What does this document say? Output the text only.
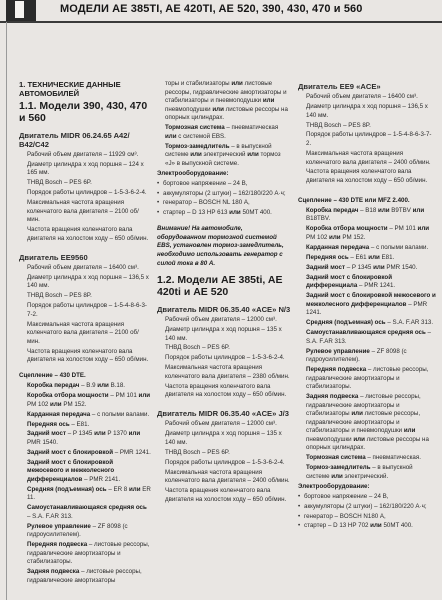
МОДЕЛИ AE 385TI, AE 420TI, AE 520, 390, 430, 470 и 560
1. ТЕХНИЧЕСКИЕ ДАННЫЕ АВТОМОБИЛЕЙ
1.1. Модели 390, 430, 470 и 560
Двигатель MIDR 06.24.65 A42/ B42/C42

Рабочий объем двигателя – 11929 см³.

Диаметр цилиндра x ход поршня – 124 x 165 мм.

ТНВД Bosch – PES 6P.

Порядок работы цилиндров – 1-5-3-6-2-4.

Максимальная частота вращения коленчатого вала двигателя – 2100 об/мин.

Частота вращения коленчатого вала двигателя на холостом ходу – 650 об/мин.

Двигатель EE9560

Рабочий объем двигателя – 16400 см³.

Диаметр цилиндра x ход поршня – 136,5 x 140 мм.

ТНВД Bosch – PES 8P.

Порядок работы цилиндров – 1-5-4-8-6-3-7-2.

Максимальная частота вращения коленчатого вала двигателя – 2100 об/мин.

Частота вращения коленчатого вала двигателя на холостом ходу – 650 об/мин.

Сцепление – 430 DTE.

Коробка передач – B.9 или B.18.

Коробка отбора мощности – PM 101 или PM 102 или PM 152.

Карданная передача – с полыми валами.

Передняя ось – E81.

Задний мост – P 1345 или P 1370 или PMR 1540.

Задний мост с блокировкой – PMR 1241.

Задний мост с блокировкой межосевого и межколесного дифференциалов – PMR 2141.

Средняя (подъемная) ось – ER 8 или ER 11.

Самоустанавливающаяся средняя ось – S.A. F.AR 313.

Рулевое управление – ZF 8098 (с гидроусилителем).

Передняя подвеска – листовые рессоры, гидравлические амортизаторы и стабилизаторы.

Задняя подвеска – листовые рессоры, гидравлические амортизаторы

торы и стабилизаторы или листовые рессоры, гидравлические амортизаторы и стабилизаторы и пневмоподушки или пневмоподушки или листовые рессоры на опорных цилиндрах.

Тормозная система – пневматическая или с системой EBS.

Тормоз-замедлитель – в выпускной системе или электрический или тормоз «J» в выпускной системе.

Электрооборудование:

• бортовое напряжение – 24 В,

• аккумуляторы (2 штуки) – 162/180/220 А·ч;

• генератор – BOSCH NL 180 А,

• стартер – D 13 HP 613 или 50MT 400.

Внимание! На автомобиле, оборудованном тормозной системой EBS, установлен тормоз-замедлитель, необходимо использовать генератор с силой тока в 80 А.

1.2. Модели AE 385ti, AE 420ti и AE 520
Двигатель MIDR 06.35.40 «ACE» N/3

Рабочий объем двигателя – 12000 см³.

Диаметр цилиндра x ход поршня – 135 x 140 мм.

ТНВД Bosch – PES 6P.

Порядок работы цилиндров – 1-5-3-6-2-4.

Максимальная частота вращения коленчатого вала двигателя – 2380 об/мин.

Частота вращения коленчатого вала двигателя на холостом ходу – 650 об/мин.

Двигатель MIDR 06.35.40 «ACE» J/3

Рабочий объем двигателя – 12000 см³.

Диаметр цилиндра x ход поршня – 135 x 140 мм.

ТНВД Bosch – PES 6P.

Порядок работы цилиндров – 1-5-3-6-2-4.

Максимальная частота вращения коленчатого вала двигателя – 2400 об/мин.

Частота вращения коленчатого вала двигателя на холостом ходу – 650 об/мин.

Двигатель EE9 «ACE»

Рабочий объем двигателя – 16400 см³.

Диаметр цилиндра x ход поршня – 136,5 x 140 мм.

ТНВД Bosch – PES 8P.

Порядок работы цилиндров – 1-5-4-8-6-3-7-2.

Максимальная частота вращения коленчатого вала двигателя – 2400 об/мин.

Частота вращения коленчатого вала двигателя на холостом ходу – 650 об/мин.

Сцепление – 430 DTE или MFZ 2.400.

Коробка передач – B18 или B9TBV или B18TBV.

Коробка отбора мощности – PM 101 или PM 102 или PM 152.

Карданная передача – с полыми валами.

Передняя ось – E61 или E81.

Задний мост – P 1345 или PMR 1540.

Задний мост с блокировкой дифференциала – PMR 1241.

Задний мост с блокировкой межосевого и межколесного дифференциалов – PMR 1241.

Средняя (подъемная) ось – S.A. F.AR 313.

Самоустанавливающаяся средняя ось – S.A. F.AR 313.

Рулевое управление – ZF 8098 (с гидроусилителем).

Передняя подвеска – листовые рессоры, гидравлические амортизаторы и стабилизаторы.

Задняя подвеска – листовые рессоры, гидравлические амортизаторы и стабилизаторы или листовые рессоры, гидравлические амортизаторы и стабилизаторы и пневмоподушки или пневмоподушки или листовые рессоры на опорных цилиндрах.

Тормозная система – пневматическая.

Тормоз-замедлитель – в выпускной системе или электрический.

Электрооборудование:

• бортовое напряжение – 24 В,

• аккумуляторы (2 штуки) – 162/180/220 А·ч;

• генератор – BOSCH N180 А,

• стартер – D 13 HP 702 или 50MT 400.
